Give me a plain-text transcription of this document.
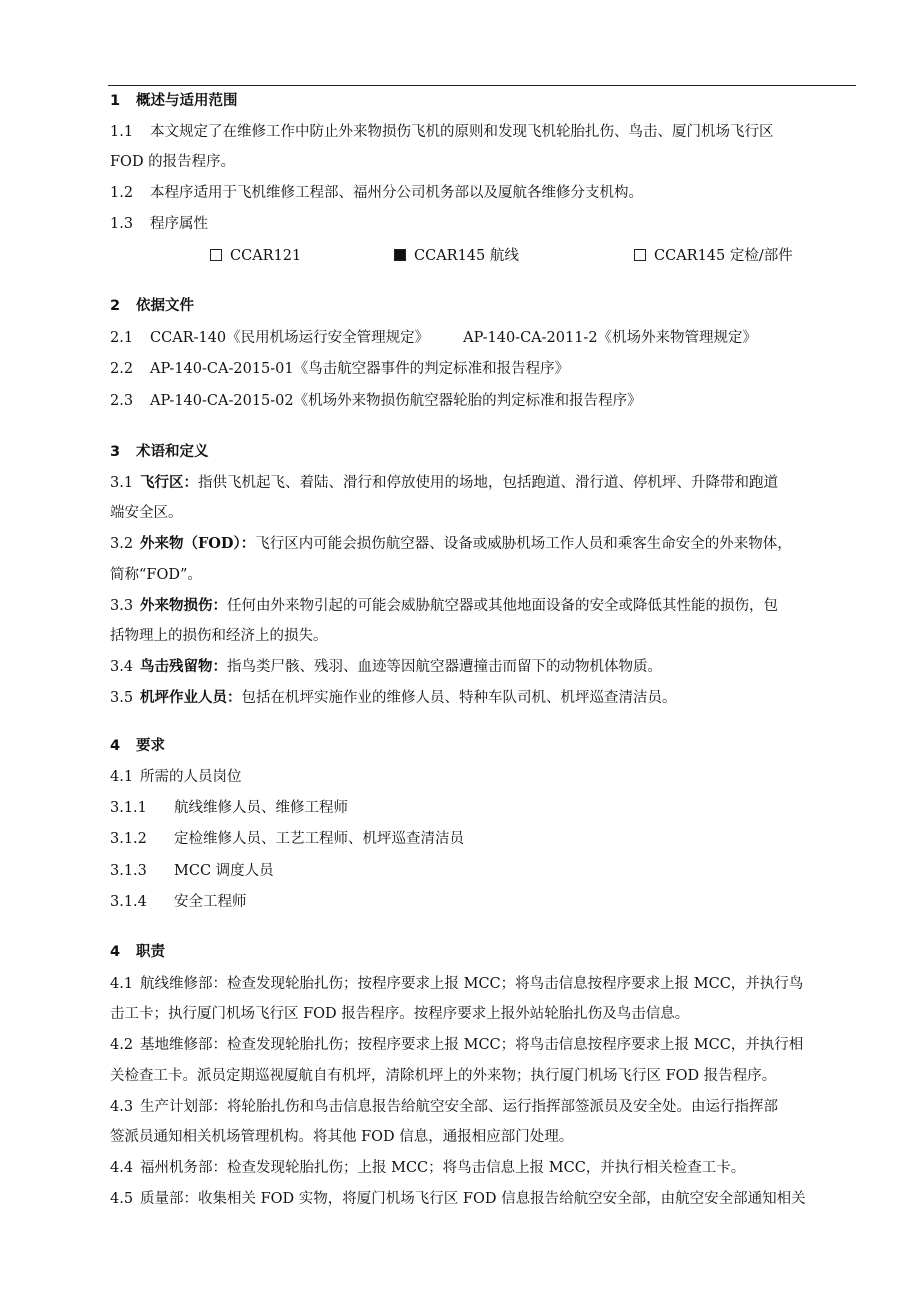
1 概述与适用范围
1.1 本文规定了在维修工作中防止外来物损伤飞机的原则和发现飞机轮胎扎伤、鸟击、厦门机场飞行区
FOD 的报告程序。
1.2 本程序适用于飞机维修工程部、福州分公司机务部以及厦航各维修分支机构。
1.3 程序属性
CCAR121	CCAR145 航线	CCAR145 定检/部件
2 依据文件
2.1 CCAR-140《民用机场运行安全管理规定》 AP-140-CA-2011-2《机场外来物管理规定》
2.2 AP-140-CA-2015-01《鸟击航空器事件的判定标准和报告程序》
2.3 AP-140-CA-2015-02《机场外来物损伤航空器轮胎的判定标准和报告程序》
3 术语和定义
3.1 飞行区：指供飞机起飞、着陆、滑行和停放使用的场地，包括跑道、滑行道、停机坪、升降带和跑道
端安全区。
3.2 外来物（FOD）：飞行区内可能会损伤航空器、设备或威胁机场工作人员和乘客生命安全的外来物体，
简称“FOD”。
3.3 外来物损伤：任何由外来物引起的可能会威胁航空器或其他地面设备的安全或降低其性能的损伤，包
括物理上的损伤和经济上的损失。
3.4 鸟击残留物：指鸟类尸骸、残羽、血迹等因航空器遭撞击而留下的动物机体物质。
3.5 机坪作业人员：包括在机坪实施作业的维修人员、特种车队司机、机坪巡查清洁员。
4 要求
4.1 所需的人员岗位
3.1.1 航线维修人员、维修工程师
3.1.2 定检维修人员、工艺工程师、机坪巡查清洁员
3.1.3 MCC 调度人员
3.1.4 安全工程师
4 职责
4.1 航线维修部：检查发现轮胎扎伤；按程序要求上报 MCC；将鸟击信息按程序要求上报 MCC，并执行鸟
击工卡；执行厦门机场飞行区 FOD 报告程序。按程序要求上报外站轮胎扎伤及鸟击信息。
4.2 基地维修部：检查发现轮胎扎伤；按程序要求上报 MCC；将鸟击信息按程序要求上报 MCC，并执行相
关检查工卡。派员定期巡视厦航自有机坪，清除机坪上的外来物；执行厦门机场飞行区 FOD 报告程序。
4.3 生产计划部：将轮胎扎伤和鸟击信息报告给航空安全部、运行指挥部签派员及安全处。由运行指挥部
签派员通知相关机场管理机构。将其他 FOD 信息，通报相应部门处理。
4.4 福州机务部：检查发现轮胎扎伤；上报 MCC；将鸟击信息上报 MCC，并执行相关检查工卡。
4.5 质量部：收集相关 FOD 实物，将厦门机场飞行区 FOD 信息报告给航空安全部，由航空安全部通知相关
